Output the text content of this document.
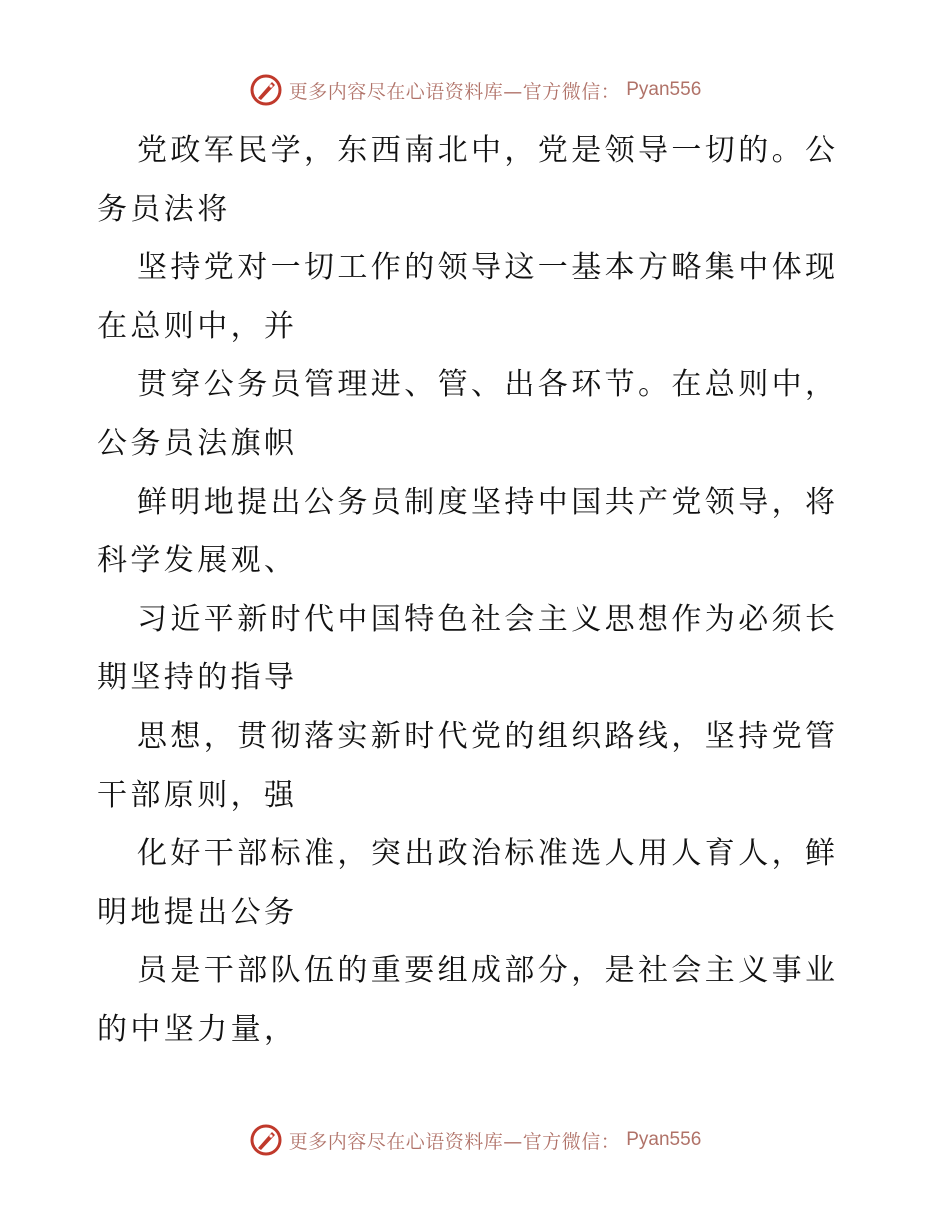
更多内容尽在心语资料库—官方微信： Pyan556

党政军民学，东西南北中，党是领导一切的。公务员法将

坚持党对一切工作的领导这一基本方略集中体现在总则中，并

贯穿公务员管理进、管、出各环节。在总则中，公务员法旗帜

鲜明地提出公务员制度坚持中国共产党领导，将科学发展观、

习近平新时代中国特色社会主义思想作为必须长期坚持的指导

思想，贯彻落实新时代党的组织路线，坚持党管干部原则，强

化好干部标准，突出政治标准选人用人育人，鲜明地提出公务

员是干部队伍的重要组成部分，是社会主义事业的中坚力量，

更多内容尽在心语资料库—官方微信： Pyan556
